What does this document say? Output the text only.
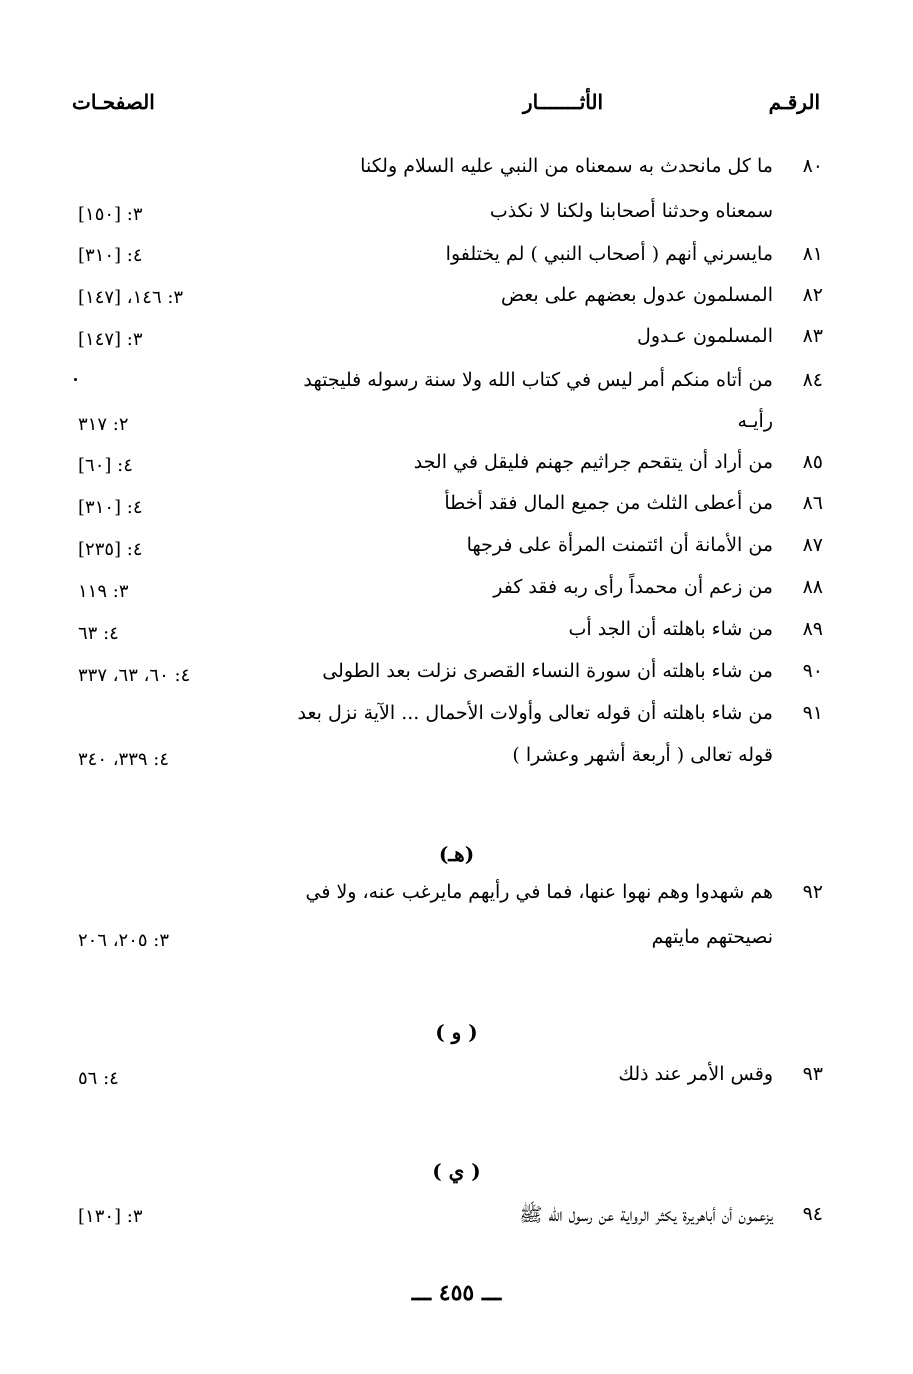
الرقـم
الأثـــــــار
الصفحـات
٨٠
ما كل مانحدث به سمعناه من النبي عليه السلام ولكنا
سمعناه وحدثنا أصحابنا ولكنا لا نكذب
٣: [١٥٠]
٨١
مايسرني أنهم ( أصحاب النبي ) لم يختلفوا
٤: [٣١٠]
٨٢
المسلمون عدول بعضهم على بعض
٣: ١٤٦، [١٤٧]
٨٣
المسلمون عـدول
٣: [١٤٧]
٨٤
من أتاه منكم أمر ليس في كتاب الله ولا سنة رسوله فليجتهد
رأيـه
٢: ٣١٧
٨٥
من أراد أن يتقحم جراثيم جهنم فليقل في الجد
٤: [٦٠]
٨٦
من أعطى الثلث من جميع المال فقد أخطأ
٤: [٣١٠]
٨٧
من الأمانة أن ائتمنت المرأة على فرجها
٤: [٢٣٥]
٨٨
من زعم أن محمداً رأى ربه فقد كفر
٣: ١١٩
٨٩
من شاء باهلته أن الجد أب
٤: ٦٣
٩٠
من شاء باهلته أن سورة النساء القصرى نزلت بعد الطولى
٤: ٦٠، ٦٣، ٣٣٧
٩١
من شاء باهلته أن قوله تعالى وأولات الأحمال ... الآية نزل بعد
قوله تعالى ( أربعة أشهر وعشرا )
٤: ٣٣٩، ٣٤٠
(هـ)
٩٢
هم شهدوا وهم نهوا عنها، فما في رأيهم مايرغب عنه، ولا في
نصيحتهم مايتهم
٣: ٢٠٥، ٢٠٦
( و )
٩٣
وقس الأمر عند ذلك
٤: ٥٦
( ي )
٩٤
يزعمون أن أباهريرة يكثر الرواية عن رسول الله ﷺ
٣: [١٣٠]
ـــ ٤٥٥ ـــ
